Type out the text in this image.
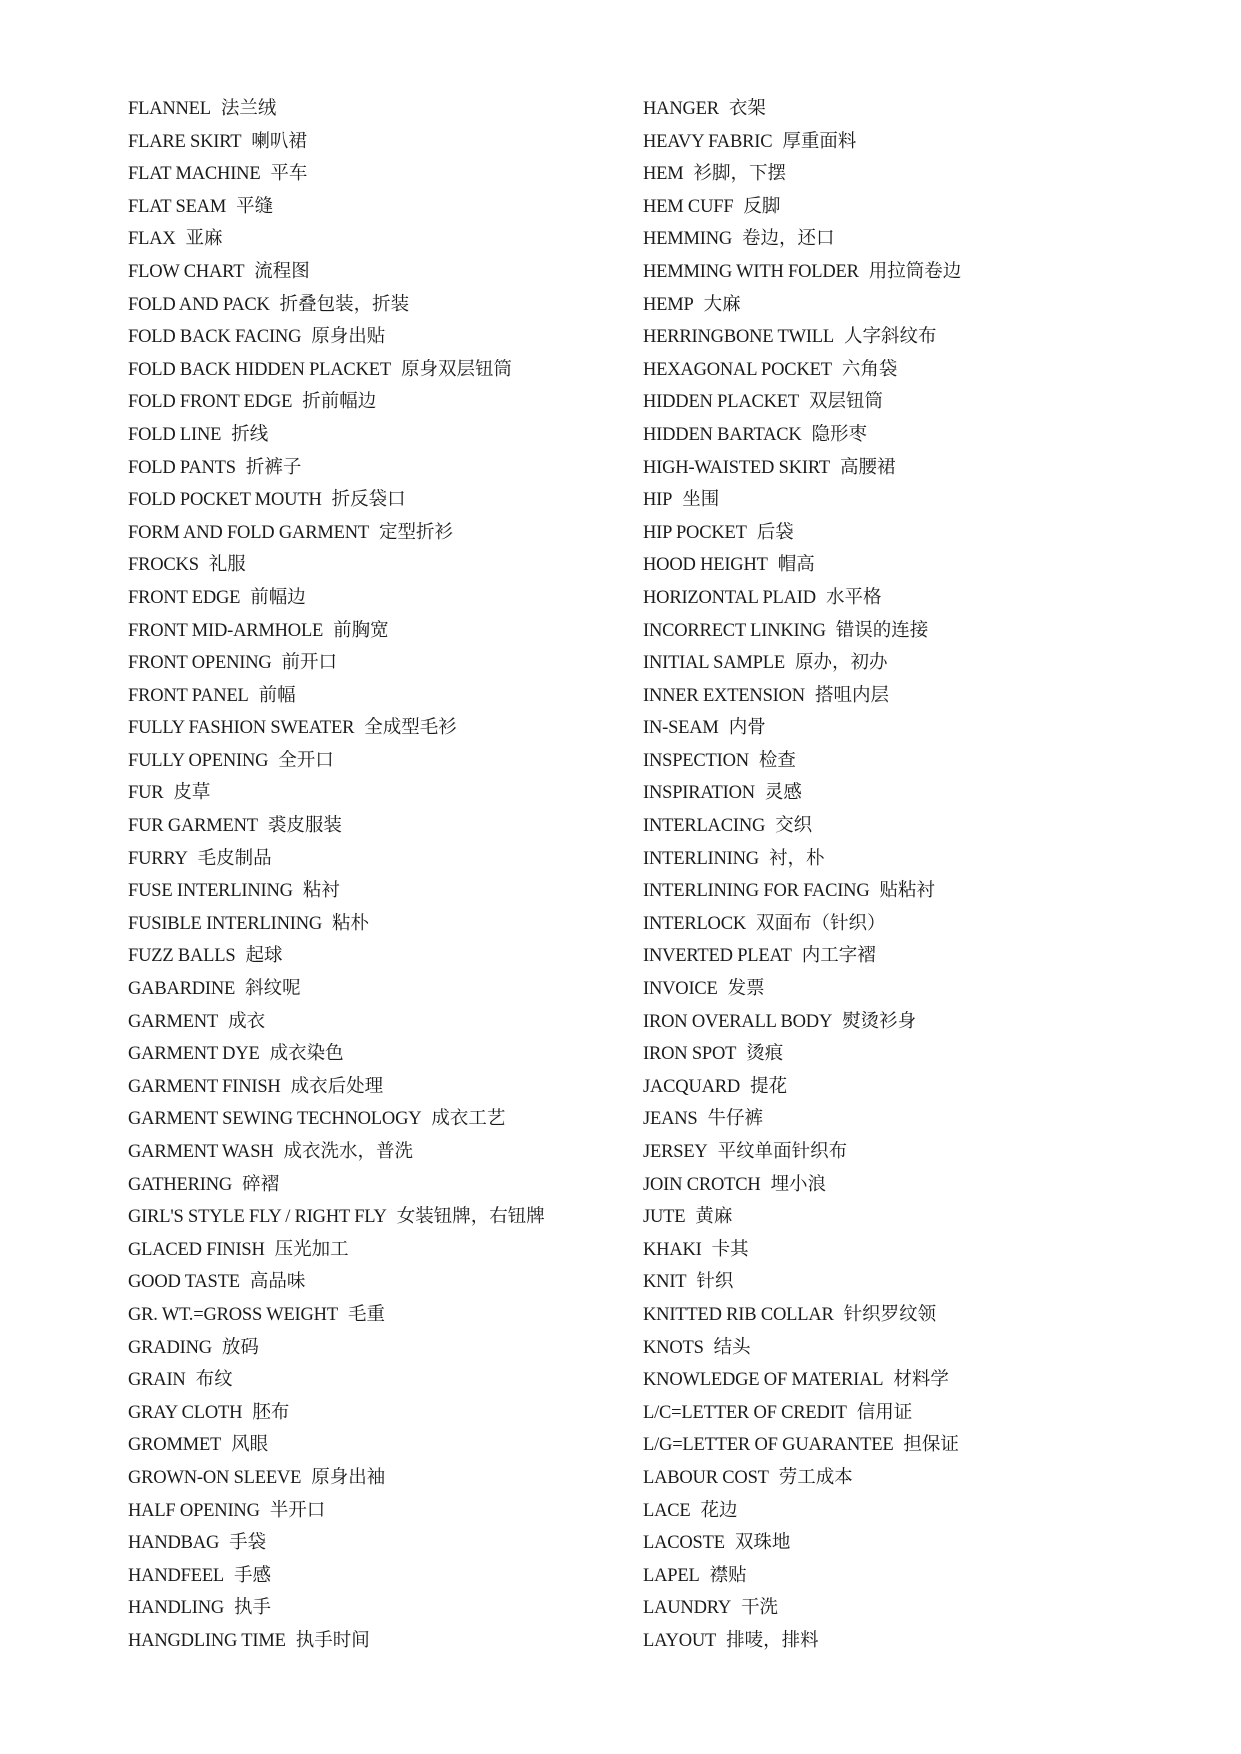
FLANNEL 法兰绒
FLARE SKIRT 喇叭裙
FLAT MACHINE 平车
FLAT SEAM 平缝
FLAX 亚麻
FLOW CHART 流程图
FOLD AND PACK 折叠包装，折装
FOLD BACK FACING 原身出贴
FOLD BACK HIDDEN PLACKET 原身双层钮筒
FOLD FRONT EDGE 折前幅边
FOLD LINE 折线
FOLD PANTS 折裤子
FOLD POCKET MOUTH 折反袋口
FORM AND FOLD GARMENT 定型折衫
FROCKS 礼服
FRONT EDGE 前幅边
FRONT MID-ARMHOLE 前胸宽
FRONT OPENING 前开口
FRONT PANEL 前幅
FULLY FASHION SWEATER 全成型毛衫
FULLY OPENING 全开口
FUR 皮草
FUR GARMENT 裘皮服装
FURRY 毛皮制品
FUSE INTERLINING 粘衬
FUSIBLE INTERLINING 粘朴
FUZZ BALLS 起球
GABARDINE 斜纹呢
GARMENT 成衣
GARMENT DYE 成衣染色
GARMENT FINISH 成衣后处理
GARMENT SEWING TECHNOLOGY 成衣工艺
GARMENT WASH 成衣洗水，普洗
GATHERING 碎褶
GIRL'S STYLE FLY / RIGHT FLY 女装钮牌，右钮牌
GLACED FINISH 压光加工
GOOD TASTE 高品味
GR. WT.=GROSS WEIGHT 毛重
GRADING 放码
GRAIN 布纹
GRAY CLOTH 胚布
GROMMET 风眼
GROWN-ON SLEEVE 原身出袖
HALF OPENING 半开口
HANDBAG 手袋
HANDFEEL 手感
HANDLING 执手
HANGDLING TIME 执手时间
HANGER 衣架
HEAVY FABRIC 厚重面料
HEM 衫脚，下摆
HEM CUFF 反脚
HEMMING 卷边，还口
HEMMING WITH FOLDER 用拉筒卷边
HEMP 大麻
HERRINGBONE TWILL 人字斜纹布
HEXAGONAL POCKET 六角袋
HIDDEN PLACKET 双层钮筒
HIDDEN BARTACK 隐形枣
HIGH-WAISTED SKIRT 高腰裙
HIP 坐围
HIP POCKET 后袋
HOOD HEIGHT 帽高
HORIZONTAL PLAID 水平格
INCORRECT LINKING 错误的连接
INITIAL SAMPLE 原办，初办
INNER EXTENSION 搭咀内层
IN-SEAM 内骨
INSPECTION 检查
INSPIRATION 灵感
INTERLACING 交织
INTERLINING 衬，朴
INTERLINING FOR FACING 贴粘衬
INTERLOCK 双面布（针织）
INVERTED PLEAT 内工字褶
INVOICE 发票
IRON OVERALL BODY 熨烫衫身
IRON SPOT 烫痕
JACQUARD 提花
JEANS 牛仔裤
JERSEY 平纹单面针织布
JOIN CROTCH 埋小浪
JUTE 黄麻
KHAKI 卡其
KNIT 针织
KNITTED RIB COLLAR 针织罗纹领
KNOTS 结头
KNOWLEDGE OF MATERIAL 材料学
L/C=LETTER OF CREDIT 信用证
L/G=LETTER OF GUARANTEE 担保证
LABOUR COST 劳工成本
LACE 花边
LACOSTE 双珠地
LAPEL 襟贴
LAUNDRY 干洗
LAYOUT 排唛，排料
